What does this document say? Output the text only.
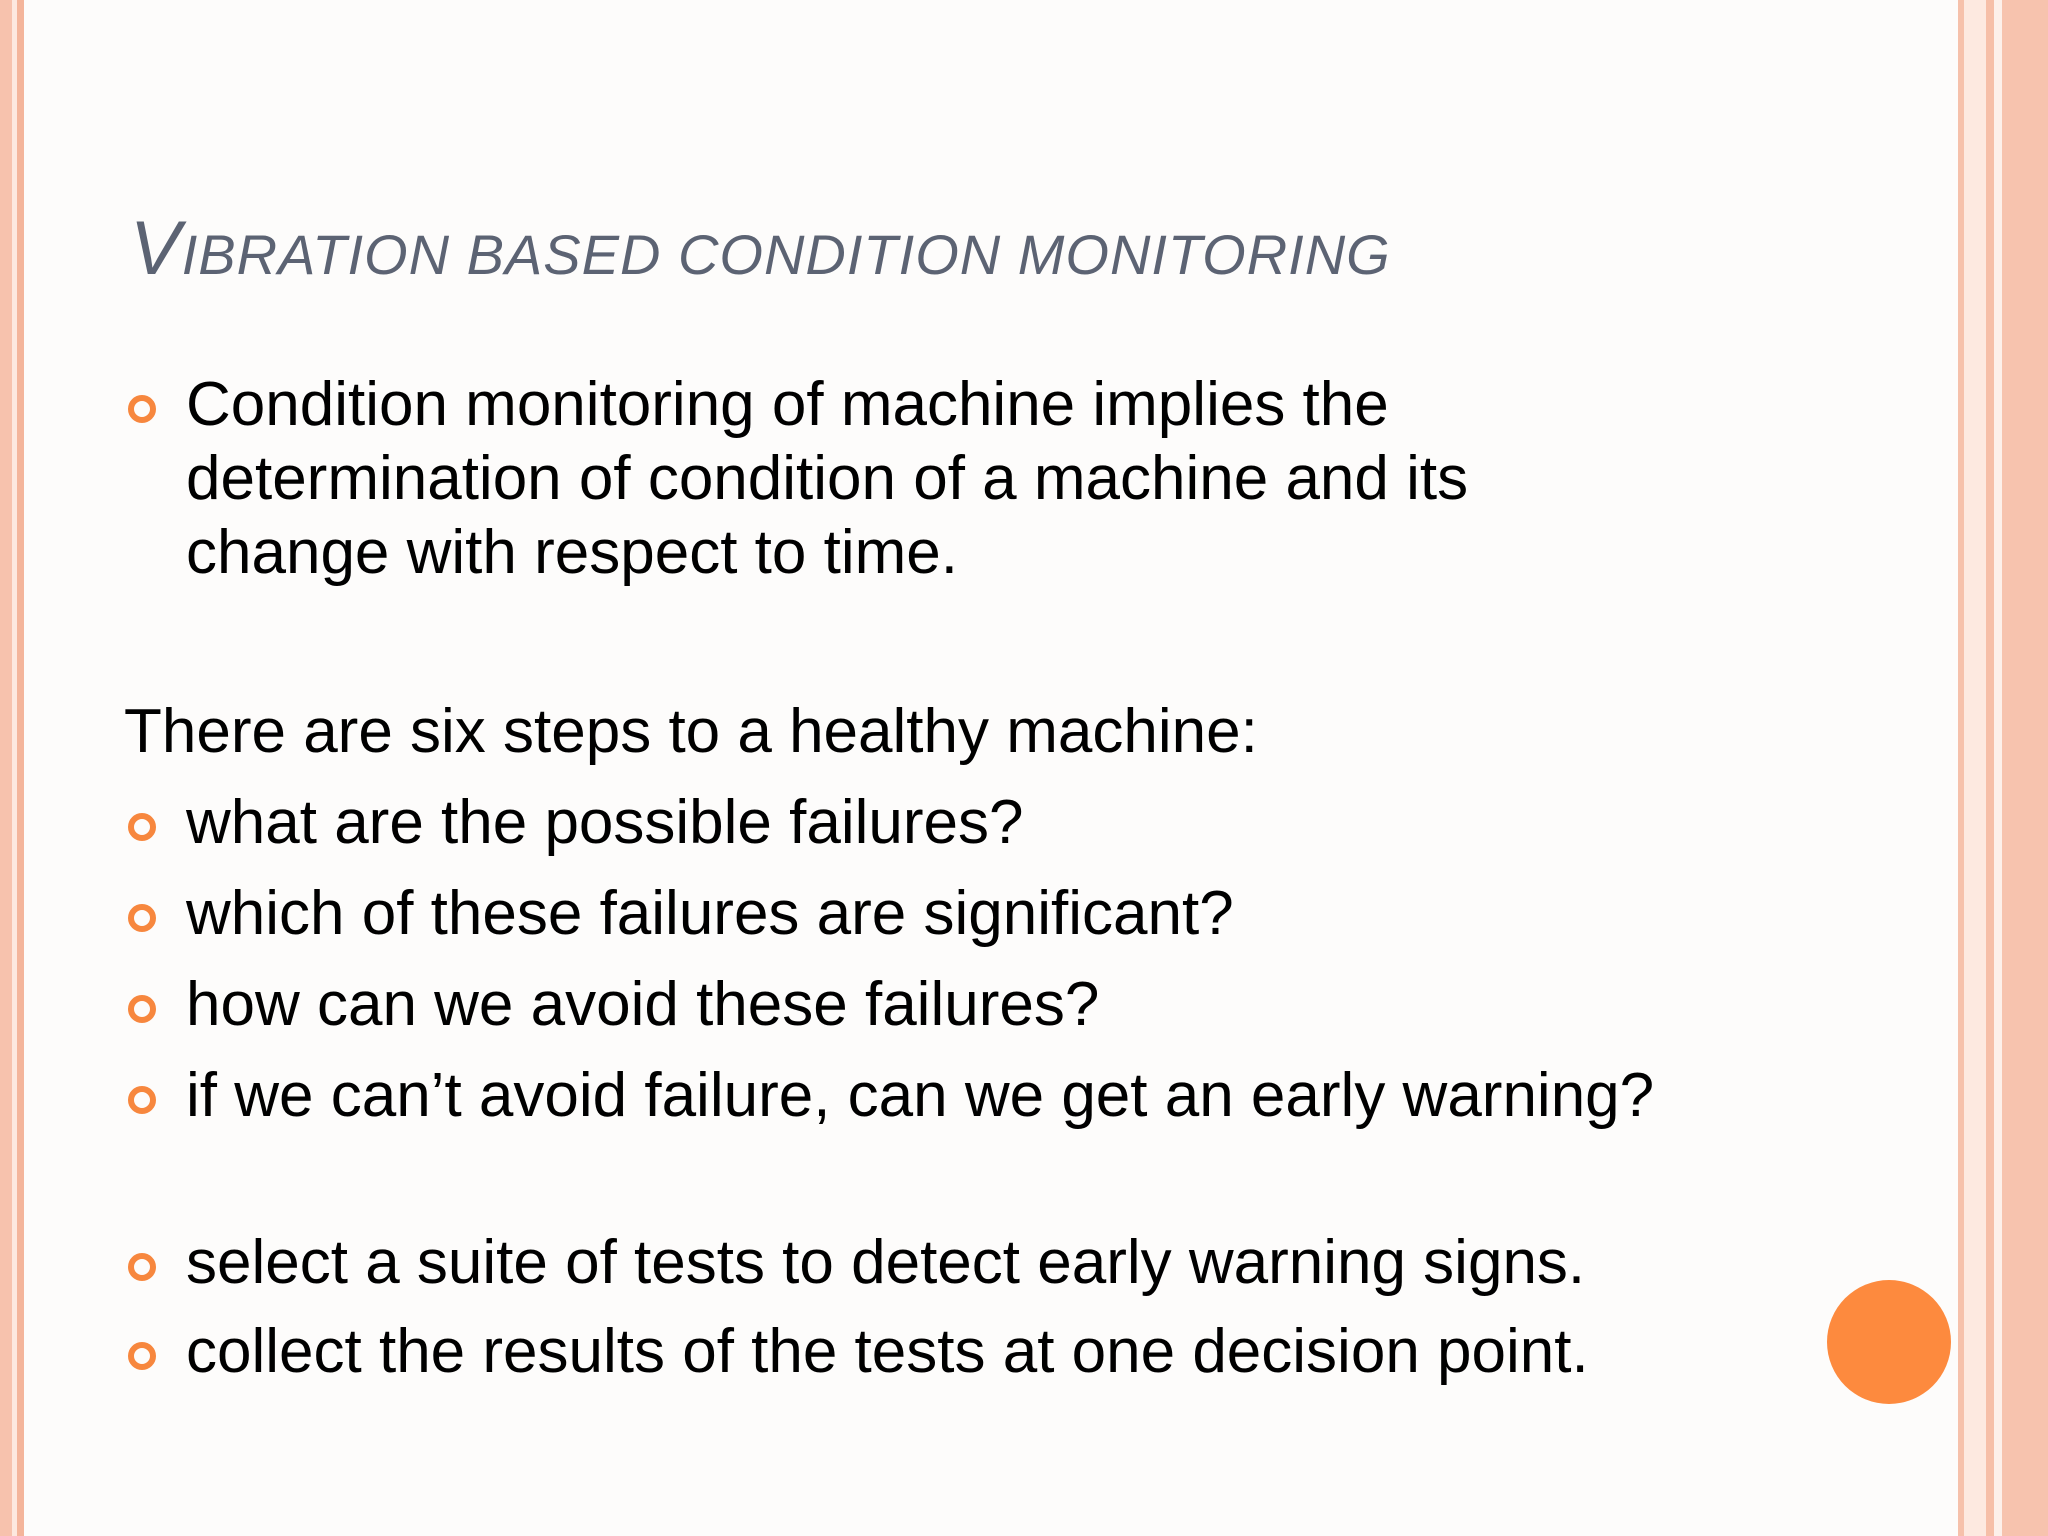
VIBRATION BASED CONDITION MONITORING
Condition monitoring of machine implies the determination of condition of a machine and its change with respect to time.
There are six steps to a healthy machine:
what are the possible failures?
which of these failures are significant?
how can we avoid these failures?
if we can’t avoid failure, can we get an early warning?
select a suite of tests to detect early warning signs.
collect the results of the tests at one decision point.
